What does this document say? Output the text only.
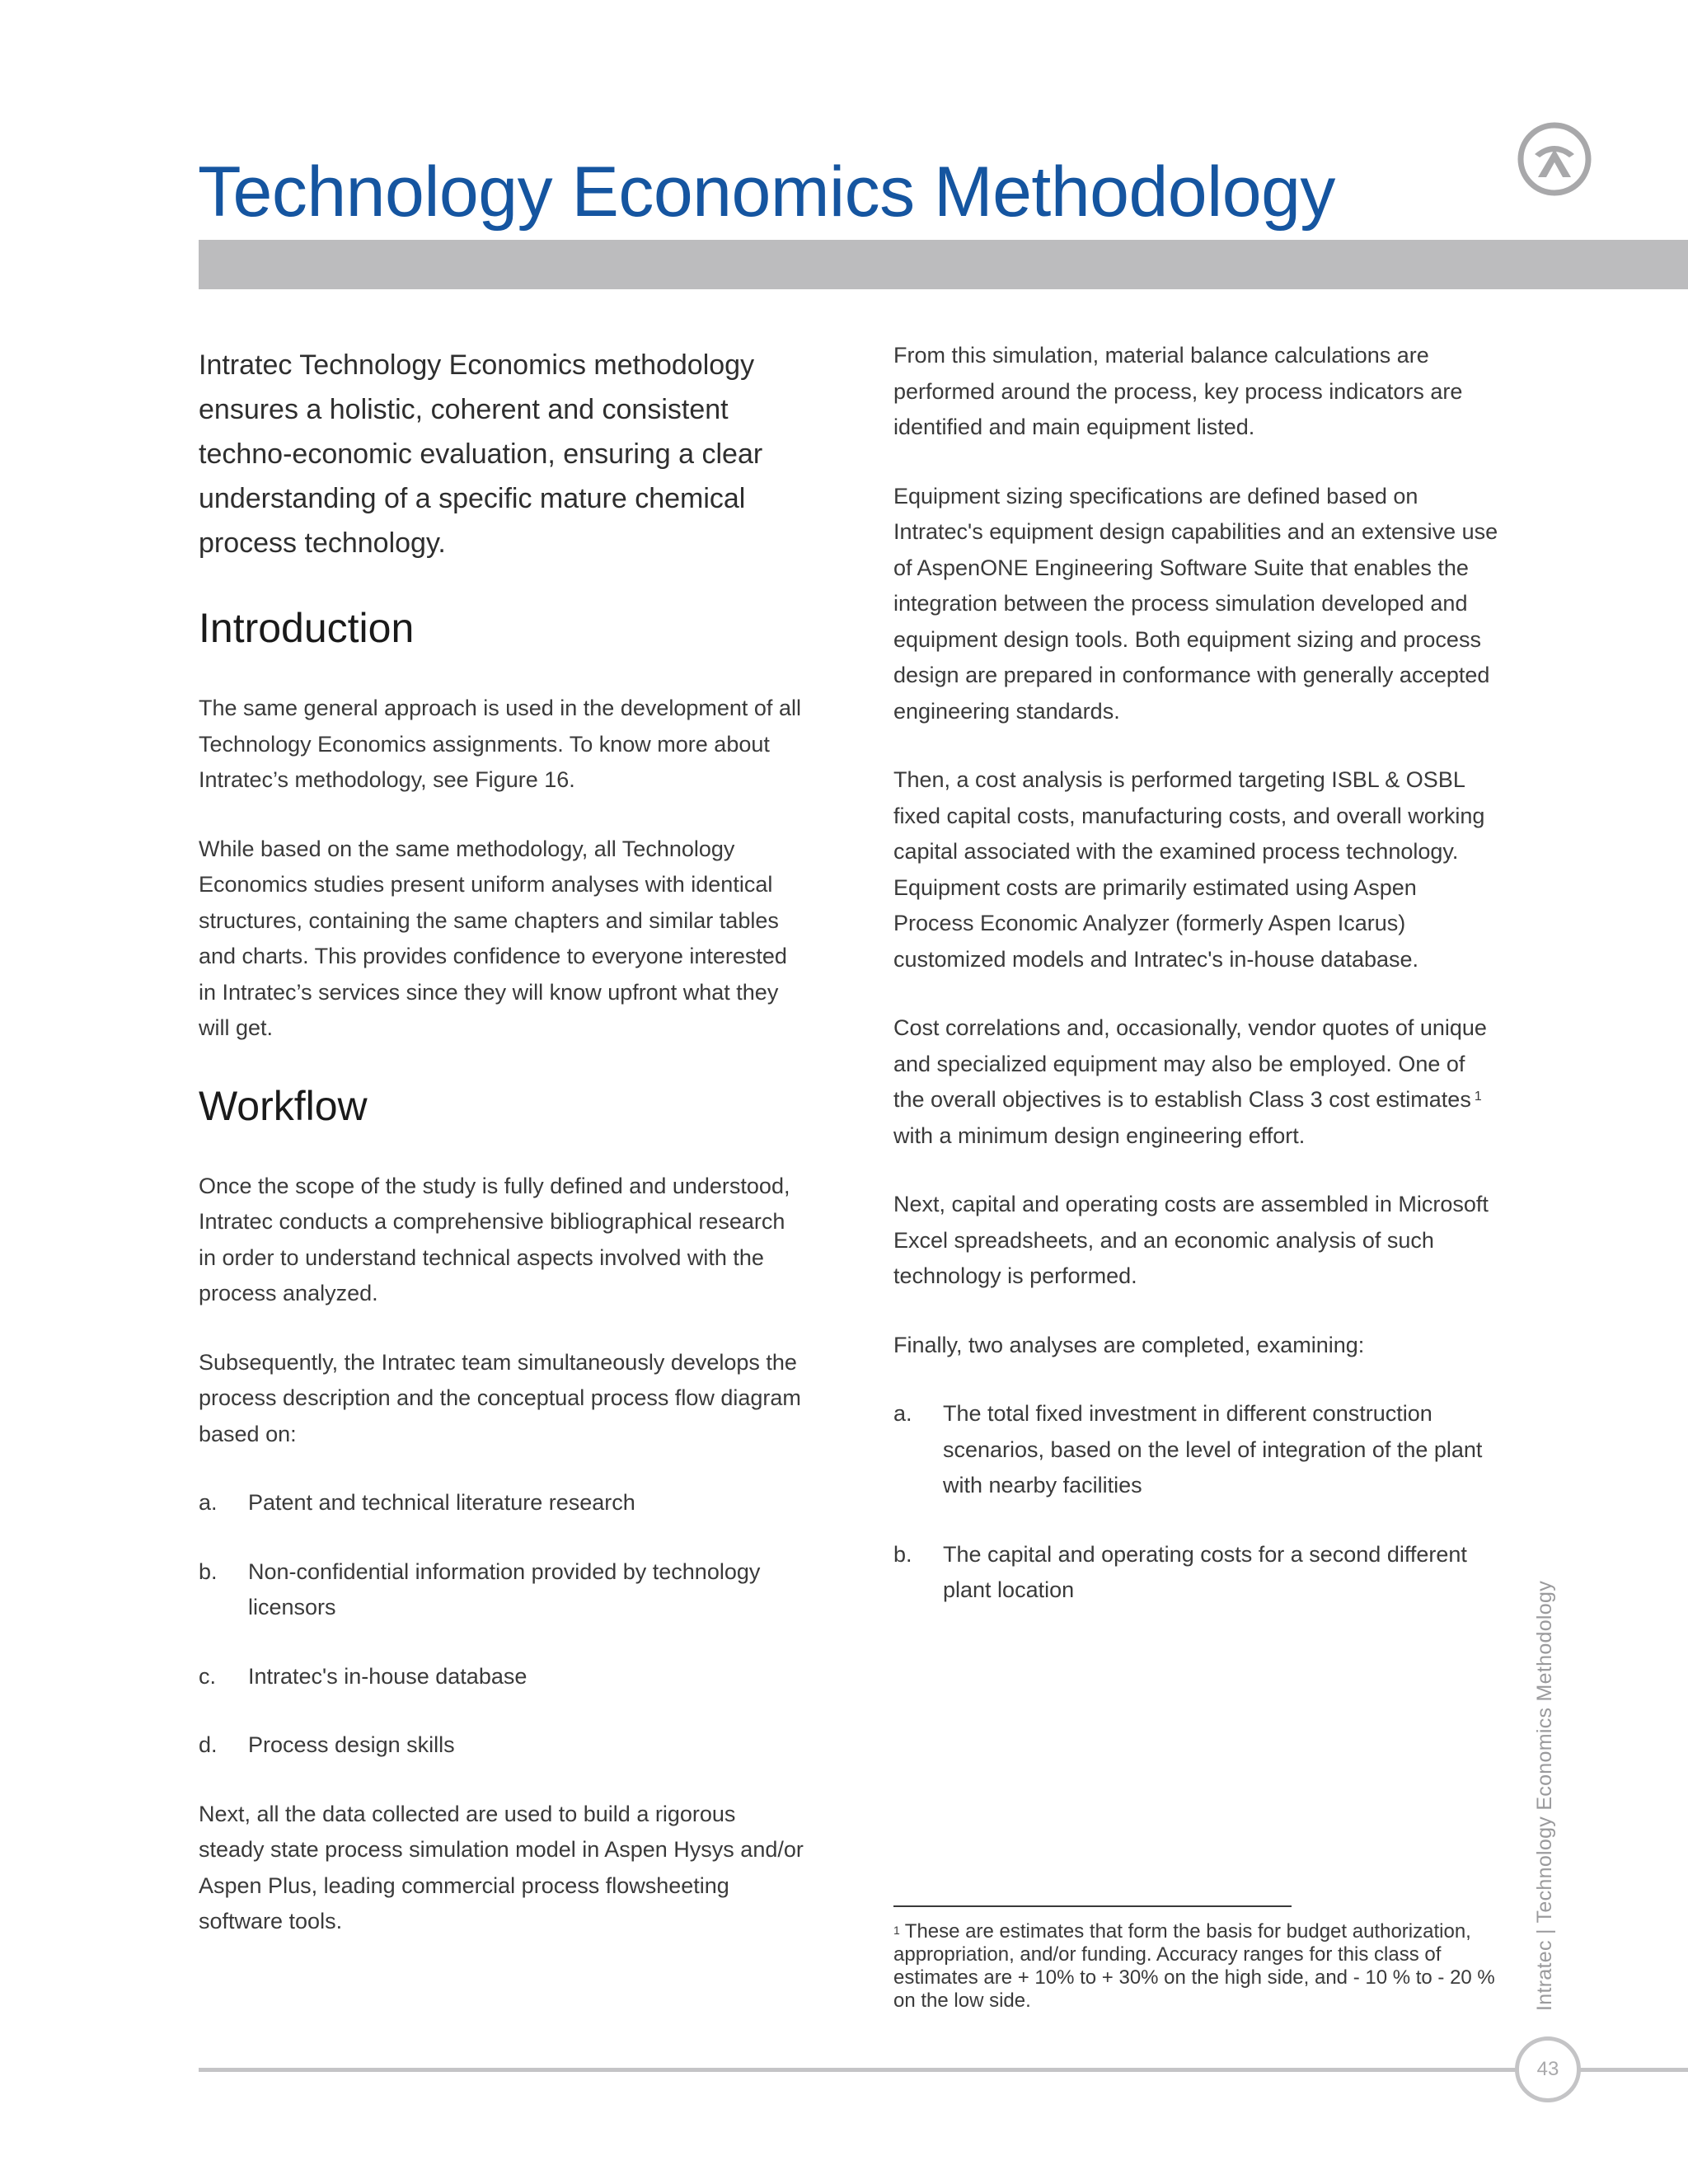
Technology Economics Methodology

Intratec Technology Economics methodology ensures a holistic, coherent and consistent techno-economic evaluation, ensuring a clear understanding of a specific mature chemical process technology.

Introduction

The same general approach is used in the development of all Technology Economics assignments. To know more about Intratec’s methodology, see Figure 16.

While based on the same methodology, all Technology Economics studies present uniform analyses with identical structures, containing the same chapters and similar tables and charts. This provides confidence to everyone interested in Intratec’s services since they will know upfront what they will get.

Workflow

Once the scope of the study is fully defined and understood, Intratec conducts a comprehensive bibliographical research in order to understand technical aspects involved with the process analyzed.

Subsequently, the Intratec team simultaneously develops the process description and the conceptual process flow diagram based on:

a.	Patent and technical literature research
b.	Non-confidential information provided by technology licensors
c.	Intratec's in-house database
d.	Process design skills

Next, all the data collected are used to build a rigorous steady state process simulation model in Aspen Hysys and/or Aspen Plus, leading commercial process flowsheeting software tools.

From this simulation, material balance calculations are performed around the process, key process indicators are identified and main equipment listed.

Equipment sizing specifications are defined based on Intratec's equipment design capabilities and an extensive use of AspenONE Engineering Software Suite that enables the integration between the process simulation developed and equipment design tools. Both equipment sizing and process design are prepared in conformance with generally accepted engineering standards.

Then, a cost analysis is performed targeting ISBL & OSBL fixed capital costs, manufacturing costs, and overall working capital associated with the examined process technology. Equipment costs are primarily estimated using Aspen Process Economic Analyzer (formerly Aspen Icarus) customized models and Intratec's in-house database.

Cost correlations and, occasionally, vendor quotes of unique and specialized equipment may also be employed. One of the overall objectives is to establish Class 3 cost estimates $^1$ with a minimum design engineering effort.

Next, capital and operating costs are assembled in Microsoft Excel spreadsheets, and an economic analysis of such technology is performed.

Finally, two analyses are completed, examining:

a.	The total fixed investment in different construction scenarios, based on the level of integration of the plant with nearby facilities
b.	The capital and operating costs for a second different plant location

$^1$ These are estimates that form the basis for budget authorization, appropriation, and/or funding. Accuracy ranges for this class of estimates are + 10% to + 30% on the high side, and - 10 % to - 20 % on the low side.	Intratec | Technology Economics Methodology
43
